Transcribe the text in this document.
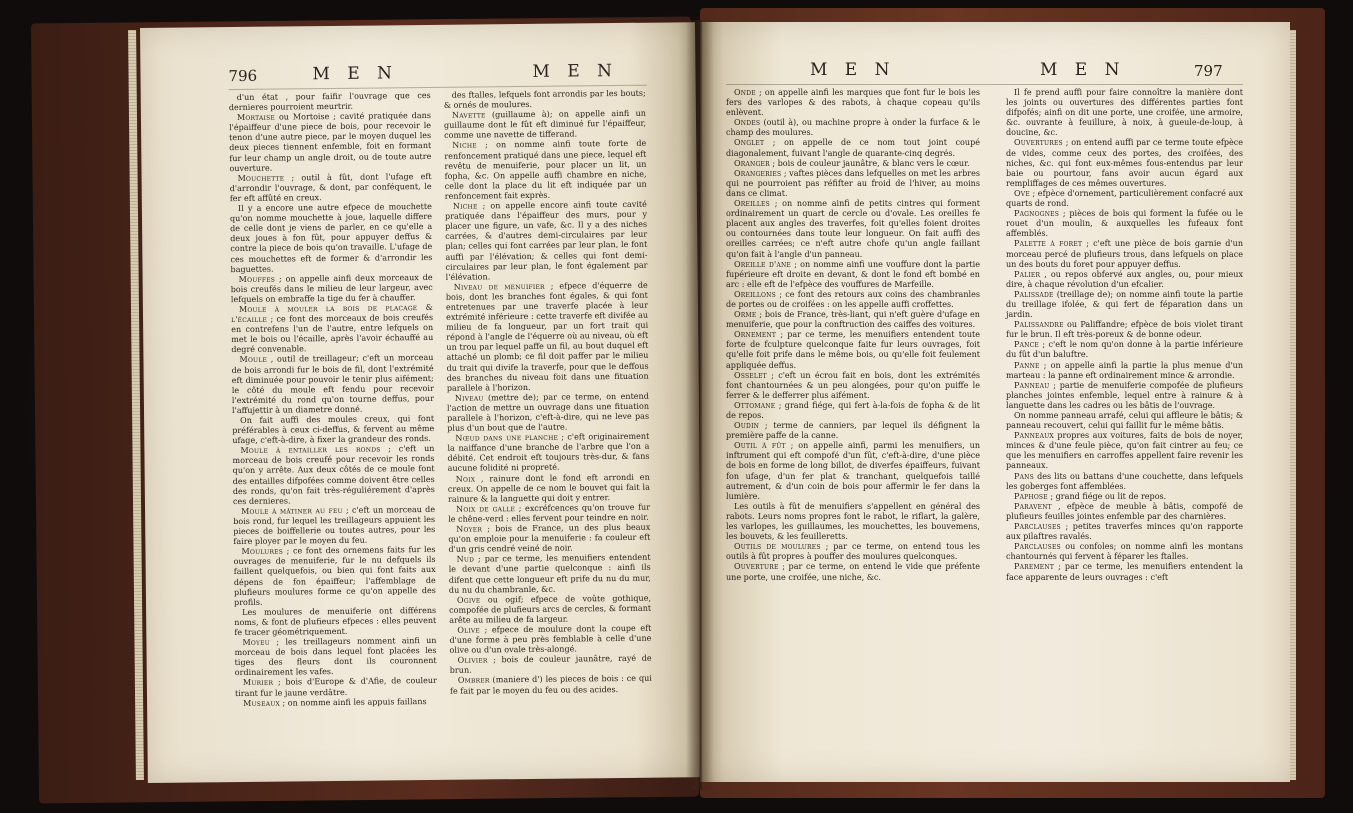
796	M E N	M E N

d'un état , pour faifir l'ouvrage que ces dernieres pourroient meurtrir.

Mortaise ou Mortoise ; cavité pratiquée dans l'épaiffeur d'une piece de bois, pour recevoir le tenon d'une autre piece, par le moyen duquel les deux pieces tiennent enfemble, foit en formant fur leur champ un angle droit, ou de toute autre ouverture.

Mouchette ; outil à fût, dont l'ufage eft d'arrondir l'ouvrage, & dont, par conféquent, le fer eft affûté en creux.

Il y a encore une autre efpece de mouchette qu'on nomme mouchette à joue, laquelle differe de celle dont je viens de parler, en ce qu'elle a deux joues à fon fût, pour appuyer deffus & contre la piece de bois qu'on travaille. L'ufage de ces mouchettes eft de former & d'arrondir les baguettes.

Mouffes ; on appelle ainfi deux morceaux de bois creufés dans le milieu de leur largeur, avec lefquels on embraffe la tige du fer à chauffer.

Moule à mouler la bois de placage & l'écaille ; ce font des morceaux de bois creufés en contrefens l'un de l'autre, entre lefquels on met le bois ou l'écaille, après l'avoir échauffé au degré convenable.

Moule , outil de treillageur; c'eft un morceau de bois arrondi fur le bois de fil, dont l'extrémité eft diminuée pour pouvoir le tenir plus aifément; le côté du moule eft fendu pour recevoir l'extrémité du rond qu'on tourne deffus, pour l'affujettir à un diametre donné.

On fait auffi des moules creux, qui font préférables à ceux ci-deffus, & fervent au même ufage, c'eft-à-dire, à fixer la grandeur des ronds.

Moule à entailler les ronds ; c'eft un morceau de bois creufé pour recevoir les ronds qu'on y arrête. Aux deux côtés de ce moule font des entailles difpofées comme doivent être celles des ronds, qu'on fait très-réguliérement d'après ces dernieres.

Moule à mâtiner au feu ; c'eft un morceau de bois rond, fur lequel les treillageurs appuient les pieces de boiffellerie ou toutes autres, pour les faire ployer par le moyen du feu.

Moulures ; ce font des ornemens faits fur les ouvrages de menuiferie, fur le nu defquels ils faillent quelquefois, ou bien qui font faits aux dépens de fon épaiffeur; l'affemblage de plufieurs moulures forme ce qu'on appelle des profils.

Les moulures de menuiferie ont différens noms, & font de plufieurs efpeces : elles peuvent fe tracer géométriquement.

Moyeu ; les treillageurs nomment ainfi un morceau de bois dans lequel font placées les tiges des fleurs dont ils couronnent ordinairement les vafes.

Murier ; bois d'Europe & d'Afie, de couleur tirant fur le jaune verdâtre.

Museaux ; on nomme ainfi les appuis faillans

des ftalles, lefquels font arrondis par les bouts; & ornés de moulures.

Navette (guillaume à); on appelle ainfi un guillaume dont le fût eft diminué fur l'épaiffeur, comme une navette de tifferand.

Niche ; on nomme ainfi toute forte de renfoncement pratiqué dans une piece, lequel eft revêtu de menuiferie, pour placer un lit, un fopha, &c. On appelle auffi chambre en niche, celle dont la place du lit eft indiquée par un renfoncement fait exprès.

Niche ; on appelle encore ainfi toute cavité pratiquée dans l'épaiffeur des murs, pour y placer une figure, un vafe, &c. Il y a des niches carrées, & d'autres demi-circulaires par leur plan; celles qui font carrées par leur plan, le font auffi par l'élévation; & celles qui font demi-circulaires par leur plan, le font également par l'élévation.

Niveau de menuifier ; efpece d'équerre de bois, dont les branches font égales, & qui font entretenues par une traverfe placée à leur extrémité inférieure : cette traverfe eft divifée au milieu de fa longueur, par un fort trait qui répond à l'angle de l'équerre où au niveau, où eft un trou par lequel paffe un fil, au bout duquel eft attaché un plomb; ce fil doit paffer par le milieu du trait qui divife la traverfe, pour que le deffous des branches du niveau foit dans une fituation parallele à l'horizon.

Niveau (mettre de); par ce terme, on entend l'action de mettre un ouvrage dans une fituation parallele à l'horizon, c'eft-à-dire, qui ne leve pas plus d'un bout que de l'autre.

Nœud dans une planche ; c'eft originairement la naiffance d'une branche de l'arbre que l'on a débité. Cet endroit eft toujours très-dur, & fans aucune folidité ni propreté.

Noix , rainure dont le fond eft arrondi en creux. On appelle de ce nom le bouvet qui fait la rainure & la languette qui doit y entrer.

Noix de galle ; excréfcences qu'on trouve fur le chêne-verd : elles fervent pour teindre en noir.

Noyer ; bois de France, un des plus beaux qu'on emploie pour la menuiferie : fa couleur eft d'un gris cendré veiné de noir.

Nud ; par ce terme, les menuifiers entendent le devant d'une partie quelconque : ainfi ils difent que cette longueur eft prife du nu du mur, du nu du chambranle, &c.

Ogive ou ogif; efpece de voûte gothique, compofée de plufieurs arcs de cercles, & formant arête au milieu de fa largeur.

Olive ; efpece de moulure dont la coupe eft d'une forme à peu près femblable à celle d'une olive ou d'un ovale très-alongé.

Olivier ; bois de couleur jaunâtre, rayé de brun.

Ombrer (maniere d') les pieces de bois : ce qui fe fait par le moyen du feu ou des acides.

M E N	M E N	797

Onde ; on appelle ainfi les marques que font fur le bois les fers des varlopes & des rabots, à chaque copeau qu'ils enlèvent.

Ondes (outil à), ou machine propre à onder la furface & le champ des moulures.

Onglet ; on appelle de ce nom tout joint coupé diagonalement, fuivant l'angle de quarante-cinq degrés.

Oranger ; bois de couleur jaunâtre, & blanc vers le cœur.

Orangeries ; vaftes pièces dans lefquelles on met les arbres qui ne pourroient pas réfifter au froid de l'hiver, au moins dans ce climat.

Oreilles ; on nomme ainfi de petits cintres qui forment ordinairement un quart de cercle ou d'ovale. Les oreilles fe placent aux angles des traverfes, foit qu'elles foient droites ou contournées dans toute leur longueur. On fait auffi des oreilles carrées; ce n'eft autre chofe qu'un angle faillant qu'on fait à l'angle d'un panneau.

Oreille d'ane ; on nomme ainfi une vouffure dont la partie fupérieure eft droite en devant, & dont le fond eft bombé en arc : elle eft de l'efpèce des vouffures de Marfeille.

Oreillons ; ce font des retours aux coins des chambranles de portes ou de croifées : on les appelle auffi croffettes.

Orme ; bois de France, très-liant, qui n'eft guère d'ufage en menuiferie, que pour la conftruction des caiffes des voitures.

Ornement ; par ce terme, les menuifiers entendent toute forte de fculpture quelconque faite fur leurs ouvrages, foit qu'elle foit prife dans le même bois, ou qu'elle foit feulement appliquée deffus.

Osselet ; c'eft un écrou fait en bois, dont les extrémités font chantournées & un peu alongées, pour qu'on puiffe le ferrer & le defferrer plus aifément.

Ottomane ; grand fiége, qui fert à-la-fois de fopha & de lit de repos.

Oudin ; terme de canniers, par lequel ils défignent la première paffe de la canne.

Outil à fût ; on appelle ainfi, parmi les menuifiers, un inftrument qui eft compofé d'un fût, c'eft-à-dire, d'une pièce de bois en forme de long billot, de diverfes épaiffeurs, fuivant fon ufage, d'un fer plat & tranchant, quelquefois taillé autrement, & d'un coin de bois pour affermir le fer dans la lumière.

Les outils à fût de menuifiers s'appellent en général des rabots. Leurs noms propres font le rabot, le riflart, la galère, les varlopes, les guillaumes, les mouchettes, les bouvemens, les bouvets, & les feuilleretts.

Outils de moulures ; par ce terme, on entend tous les outils à fût propres à pouffer des moulures quelconques.

Ouverture ; par ce terme, on entend le vide que préfente une porte, une croifée, une niche, &c.

Il fe prend auffi pour faire connoître la manière dont les joints ou ouvertures des différentes parties font difpofés; ainfi on dit une porte, une croifée, une armoire, &c. ouvrante à feuillure, à noix, à gueule-de-loup, à doucine, &c.

Ouvertures ; on entend auffi par ce terme toute efpèce de vides, comme ceux des portes, des croifées, des niches, &c. qui font eux-mêmes fous-entendus par leur baie ou pourtour, fans avoir aucun égard aux rempliffages de ces mêmes ouvertures.

Ove ; efpèce d'ornement, particulièrement confacré aux quarts de rond.

Pagnognes ; pièces de bois qui forment la fufée ou le rouet d'un moulin, & auxquelles les fufeaux font affemblés.

Palette à foret ; c'eft une pièce de bois garnie d'un morceau percé de plufieurs trous, dans lefquels on place un des bouts du foret pour appuyer deffus.

Palier , ou repos obfervé aux angles, ou, pour mieux dire, à chaque révolution d'un efcalier.

Palissade (treillage de); on nomme ainfi toute la partie du treillage ifolée, & qui fert de féparation dans un jardin.

Palissandre ou Paliffandre; efpèce de bois violet tirant fur le brun. Il eft très-poreux & de bonne odeur.

Pance ; c'eft le nom qu'on donne à la partie inférieure du fût d'un baluftre.

Panne ; on appelle ainfi la partie la plus menue d'un marteau : la panne eft ordinairement mince & arrondie.

Panneau ; partie de menuiferie compofée de plufieurs planches jointes enfemble, lequel entre à rainure & à languette dans les cadres ou les bâtis de l'ouvrage.

On nomme panneau arrafé, celui qui affleure le bâtis; & panneau recouvert, celui qui faillit fur le même bâtis.

Panneaux propres aux voitures, faits de bois de noyer, minces & d'une feule pièce, qu'on fait cintrer au feu; ce que les menuifiers en carroffes appellent faire revenir les panneaux.

Pans des lits ou battans d'une couchette, dans lefquels les goberges font affemblées.

Paphose ; grand fiége ou lit de repos.

Paravent , efpèce de meuble à bâtis, compofé de plufieurs feuilles jointes enfemble par des charnières.

Parclauses ; petites traverfes minces qu'on rapporte aux pilaftres ravalés.

Parclauses ou confoles; on nomme ainfi les montans chantournés qui fervent à féparer les ftalles.

Parement ; par ce terme, les menuifiers entendent la face apparente de leurs ouvrages : c'eft
